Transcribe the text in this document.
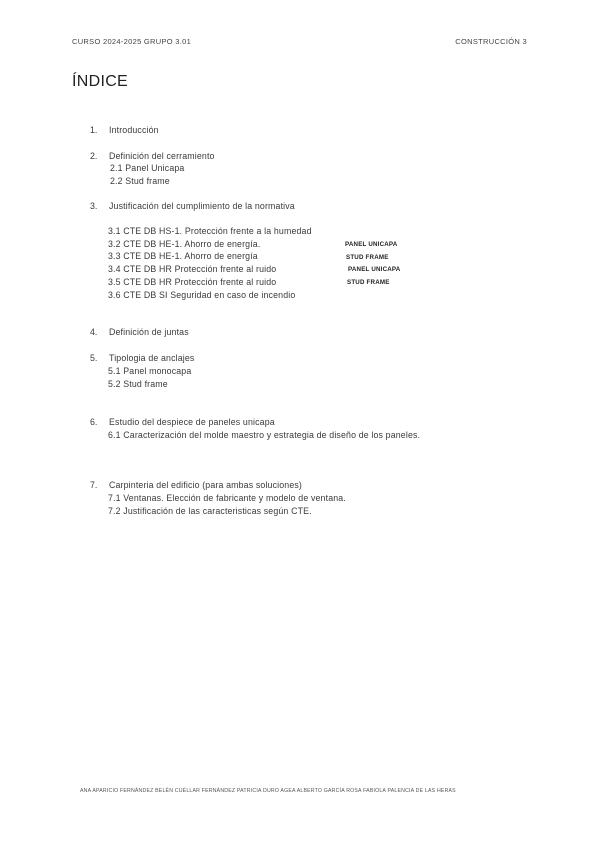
CURSO 2024-2025 GRUPO 3.01	CONSTRUCCIÓN 3
ÍNDICE
1. Introducción
2. Definición del cerramiento
2.1 Panel Unicapa
2.2 Stud frame
3. Justificación del cumplimiento de la normativa
3.1 CTE DB HS-1. Protección frente a la humedad
3.2 CTE DB HE-1. Ahorro de energía.	PANEL UNICAPA
3.3 CTE DB HE-1. Ahorro de energía	STUD FRAME
3.4 CTE DB HR Protección frente al ruido	PANEL UNICAPA
3.5 CTE DB HR Protección frente al ruido	STUD FRAME
3.6 CTE DB SI Seguridad en caso de incendio
4. Definición de juntas
5. Tipologia de anclajes
5.1 Panel monocapa
5.2 Stud frame
6. Estudio del despiece de paneles unicapa
6.1 Caracterización del molde maestro y estrategia de diseño de los paneles.
7. Carpinteria del edificio (para ambas soluciones)
7.1 Ventanas. Elección de fabricante y modelo de ventana.
7.2 Justificación de las caracteristicas según CTE.
ANA APARICIO FERNÁNDEZ BELÉN CUÉLLAR FERNÁNDEZ PATRICIA DURO AGEA ALBERTO GARCÍA ROSA FABIOLA PALENCIA DE LAS HERAS
